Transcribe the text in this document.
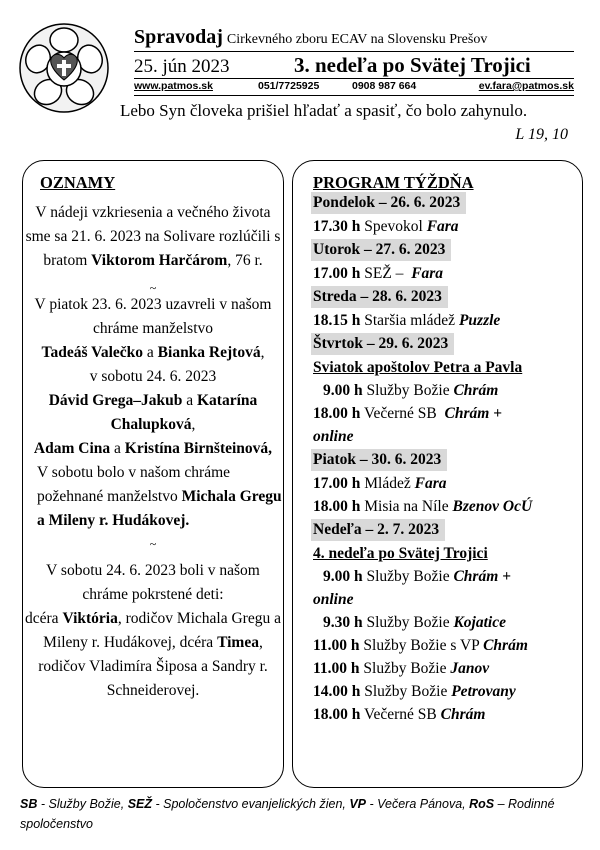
Spravodaj Cirkevného zboru ECAV na Slovensku Prešov
25. jún 2023	3. nedeľa po Svätej Trojici
www.patmos.sk	051/7725925	0908 987 664	ev.fara@patmos.sk
Lebo Syn človeka prišiel hľadať a spasiť, čo bolo zahynulo.
L 19, 10
OZNAMY

V nádeji vzkriesenia a večného života sme sa 21. 6. 2023 na Solivare rozlúčili s bratom Viktorom Harčárom, 76 r.

~

V piatok 23. 6. 2023 uzavreli v našom chráme manželstvo
Tadeáš Valečko a Bianka Rejtová,

v sobotu 24. 6. 2023
Dávid Grega–Jakub a Katarína Chalupková,
Adam Cina a Kristína Birnšteinová,

V sobotu bolo v našom chráme požehnané manželstvo Michala Gregu a Mileny r. Hudákovej.

~

V sobotu 24. 6. 2023 boli v našom chráme pokrstené deti:
dcéra Viktória, rodičov Michala Gregu a Mileny r. Hudákovej, dcéra Timea, rodičov Vladimíra Šiposa a Sandry r. Schneiderovej.

PROGRAM TÝŽDŇA
Pondelok – 26. 6. 2023
17.30 h Spevokol Fara
Utorok – 27. 6. 2023
17.00 h SEŽ – Fara
Streda – 28. 6. 2023
18.15 h Staršia mládež Puzzle
Štvrtok – 29. 6. 2023
Sviatok apoštolov Petra a Pavla
9.00 h Služby Božie Chrám
18.00 h Večerné SB Chrám +
online
Piatok – 30. 6. 2023
17.00 h Mládež Fara
18.00 h Misia na Níle Bzenov OcÚ
Nedeľa – 2. 7. 2023
4. nedeľa po Svätej Trojici
9.00 h Služby Božie Chrám +
online
9.30 h Služby Božie Kojatice
11.00 h Služby Božie s VP Chrám
11.00 h Služby Božie Janov
14.00 h Služby Božie Petrovany
18.00 h Večerné SB Chrám
SB - Služby Božie, SEŽ - Spoločenstvo evanjelických žien, VP - Večera Pánova, RoS – Rodinné spoločenstvo
